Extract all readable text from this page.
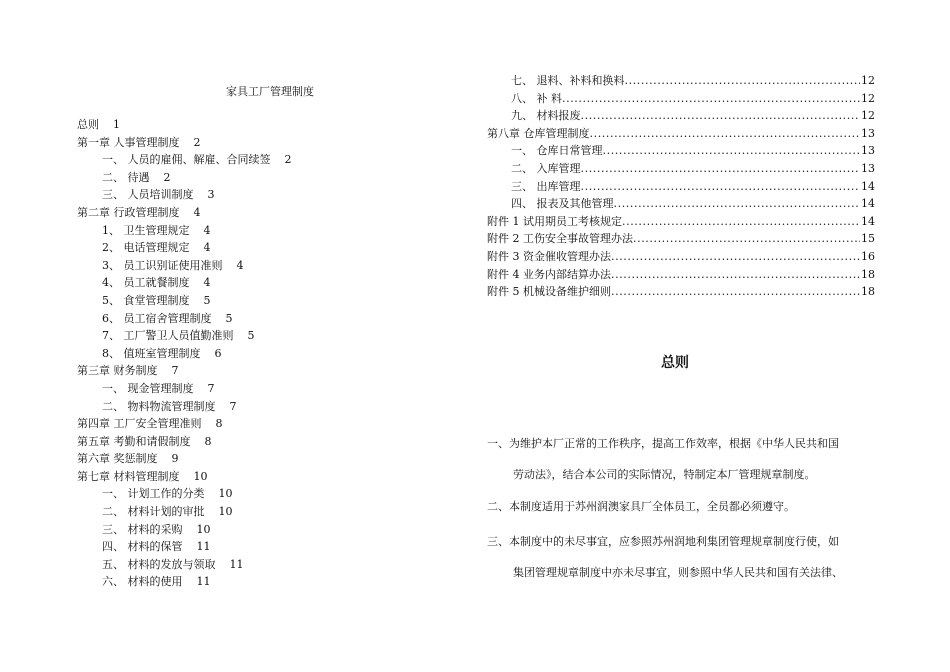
家具工厂管理制度
总则 1
第一章 人事管理制度 2
一、 人员的雇佣、解雇、合同续签 2
二、 待遇 2
三、 人员培训制度 3
第二章 行政管理制度 4
1、 卫生管理规定 4
2、 电话管理规定 4
3、 员工识别证使用准则 4
4、 员工就餐制度 4
5、 食堂管理制度 5
6、 员工宿舍管理制度 5
7、 工厂警卫人员值勤准则 5
8、 值班室管理制度 6
第三章 财务制度 7
一、 现金管理制度 7
二、 物料物流管理制度 7
第四章 工厂安全管理准则 8
第五章 考勤和请假制度 8
第六章 奖惩制度 9
第七章 材料管理制度 10
一、 计划工作的分类 10
二、 材料计划的审批 10
三、 材料的采购 10
四、 材料的保管 11
五、 材料的发放与领取 11
六、 材料的使用 11
七、 退料、补料和换料 .....	12
八、 补 料 .....	12
九、 材料报废 .....	12
第八章 仓库管理制度 .....	13
一、 仓库日常管理 .....	13
二、 入库管理 .....	13
三、 出库管理 .....	14
四、 报表及其他管理 .....	14
附件 1 试用期员工考核规定 .....	14
附件 2 工伤安全事故管理办法 .....	15
附件 3 资金催收管理办法 .....	16
附件 4 业务内部结算办法 .....	18
附件 5 机械设备维护细则 .....	18
总则
一、为维护本厂正常的工作秩序，提高工作效率，根据《中华人民共和国
劳动法》，结合本公司的实际情况，特制定本厂管理规章制度。
二、本制度适用于苏州润澳家具厂全体员工，全员都必须遵守。
三、本制度中的未尽事宜，应参照苏州润地利集团管理规章制度行使，如
集团管理规章制度中亦未尽事宜，则参照中华人民共和国有关法律、
